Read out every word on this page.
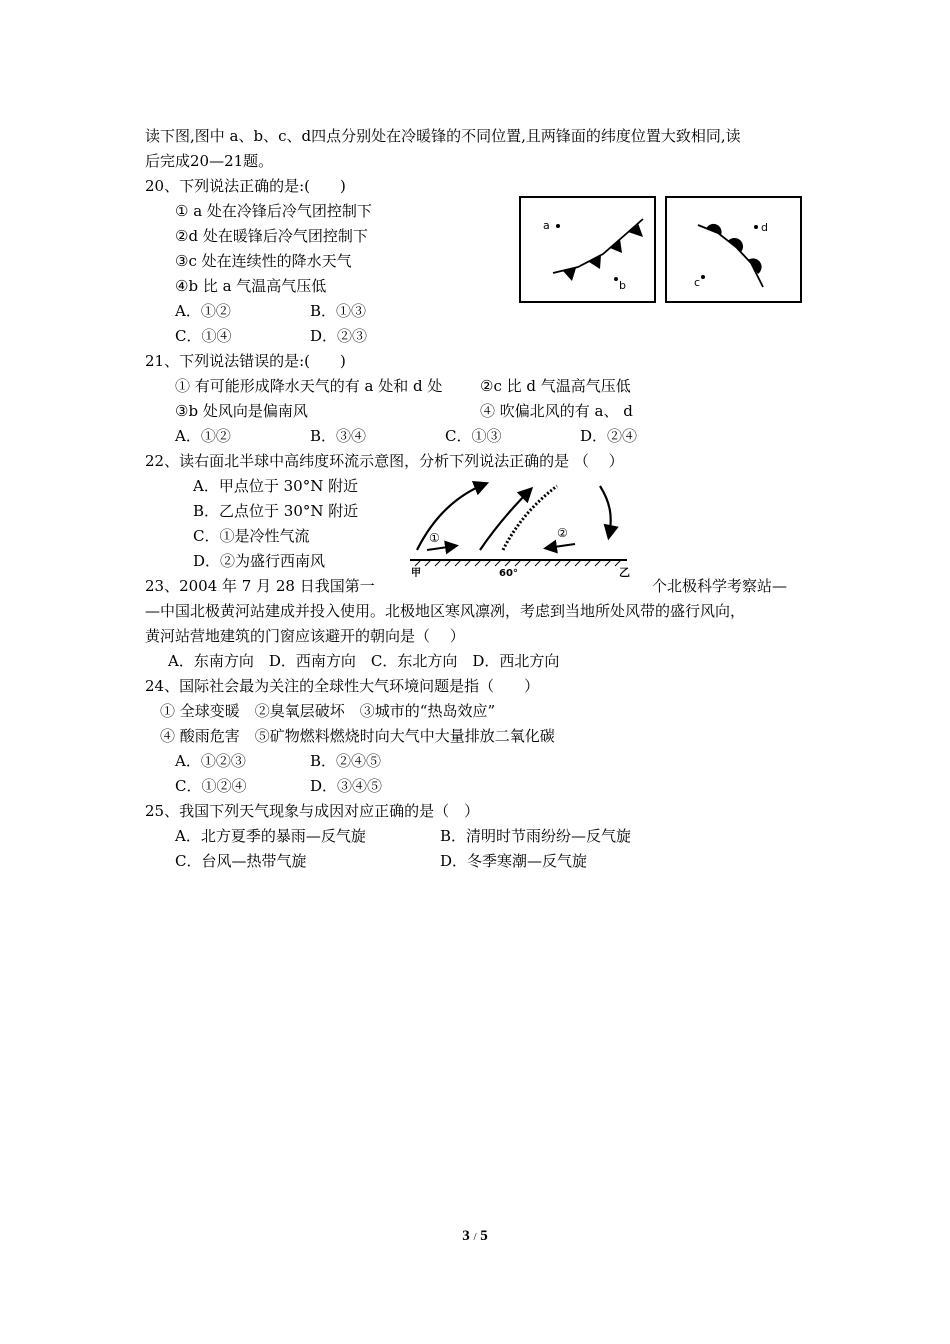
读下图,图中 a、b、c、d四点分别处在冷暖锋的不同位置,且两锋面的纬度位置大致相同,读
后完成20—21题。
20、下列说法正确的是:(　　)
① a 处在冷锋后冷气团控制下
②d 处在暖锋后冷气团控制下
③c 处在连续性的降水天气
④b 比 a 气温高气压低
A．①②	B．①③
C．①④	D．②③
a
b
d
c
21、下列说法错误的是:(　　)
① 有可能形成降水天气的有 a 处和 d 处	②c 比 d 气温高气压低
③b 处风向是偏南风	④ 吹偏北风的有 a、 d
A．①②	B．③④	C．①③	D．②④
22、读右面北半球中高纬度环流示意图，分析下列说法正确的是 （　 ）
A．甲点位于 30°N 附近
B．乙点位于 30°N 附近
C．①是冷性气流
D．②为盛行西南风
①	②
甲	60°	乙
23、2004 年 7 月 28 日我国第一	个北极科学考察站—
—中国北极黄河站建成并投入使用。北极地区寒风凛冽，考虑到当地所处风带的盛行风向，
黄河站营地建筑的门窗应该避开的朝向是（　 ）
A．东南方向　D．西南方向　C．东北方向　D．西北方向
24、国际社会最为关注的全球性大气环境问题是指（　　）
① 全球变暖　②臭氧层破坏　③城市的“热岛效应”
④ 酸雨危害　⑤矿物燃料燃烧时向大气中大量排放二氧化碳
A．①②③	B．②④⑤
C．①②④	D．③④⑤
25、我国下列天气现象与成因对应正确的是（　）
A．北方夏季的暴雨—反气旋	B．清明时节雨纷纷—反气旋
C．台风—热带气旋	D．冬季寒潮—反气旋
3 / 5
